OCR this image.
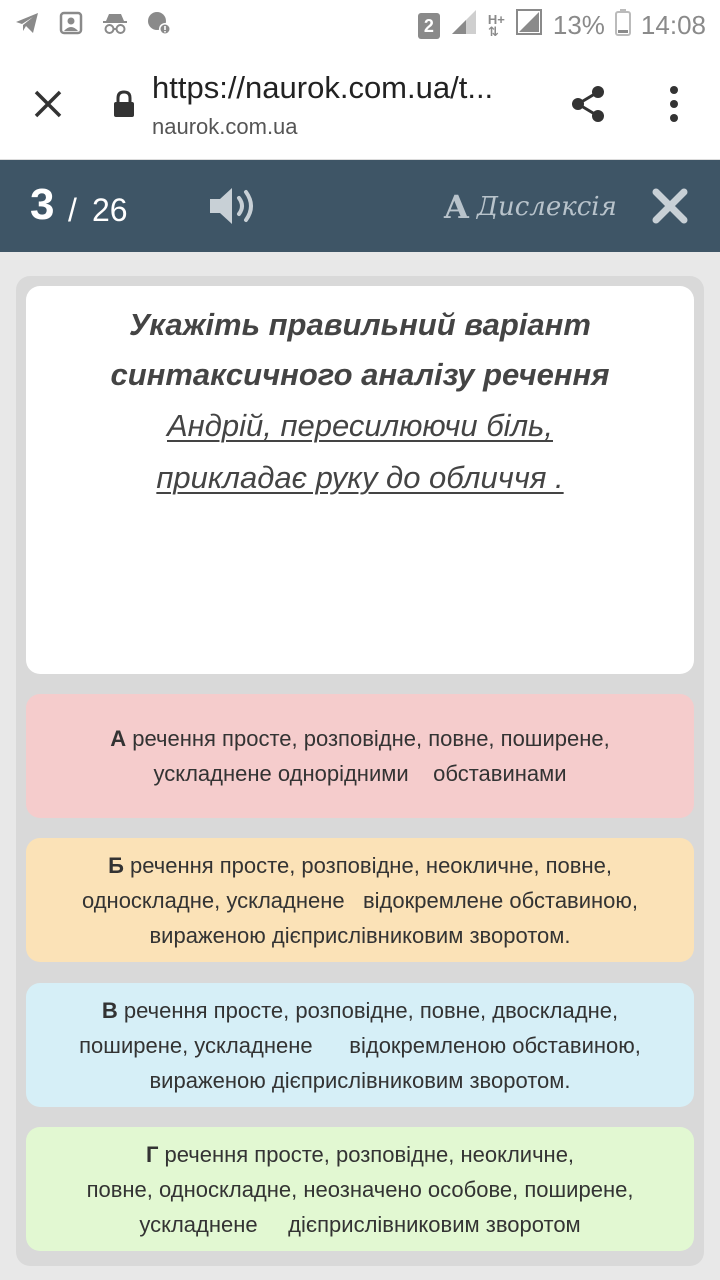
2	H+
⇅ 13% 14:08
https://naurok.com.ua/t...
naurok.com.ua
3 / 26	A Дислексія
Укажіть правильний варіант
синтаксичного аналізу речення
Андрій, пересилюючи біль,
прикладає руку до обличчя .
А речення просте, розповідне, повне, поширене,
ускладнене однорідними    обставинами
Б речення просте, розповідне, неокличне, повне,
односкладне, ускладнене   відокремлене обставиною,
вираженою дієприслівниковим зворотом.
В речення просте, розповідне, повне, двоскладне,
поширене, ускладнене      відокремленою обставиною,
вираженою дієприслівниковим зворотом.
Г речення просте, розповідне, неокличне,
повне, односкладне, неозначено особове, поширене,
ускладнене     дієприслівниковим зворотом
